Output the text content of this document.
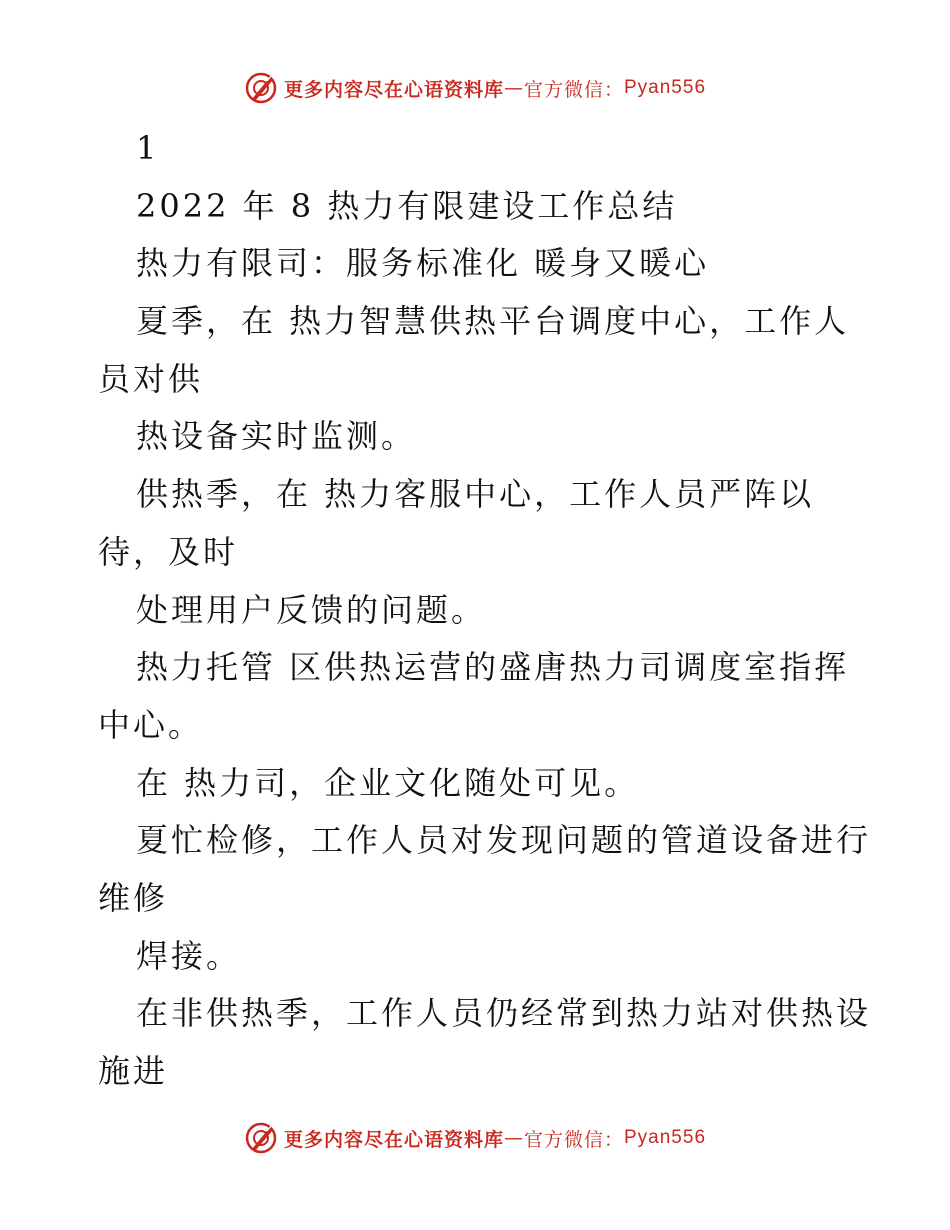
更多内容尽在心语资料库 — 官方微信： Pyan556
1
2022 年 8 热力有限建设工作总结
热力有限司：服务标准化 暖身又暖心
夏季，在 热力智慧供热平台调度中心，工作人
员对供
热设备实时监测。
供热季，在 热力客服中心，工作人员严阵以
待，及时
处理用户反馈的问题。
热力托管 区供热运营的盛唐热力司调度室指挥
中心。
在 热力司，企业文化随处可见。
夏忙检修，工作人员对发现问题的管道设备进行
维修
焊接。
在非供热季，工作人员仍经常到热力站对供热设
施进
更多内容尽在心语资料库 — 官方微信： Pyan556
